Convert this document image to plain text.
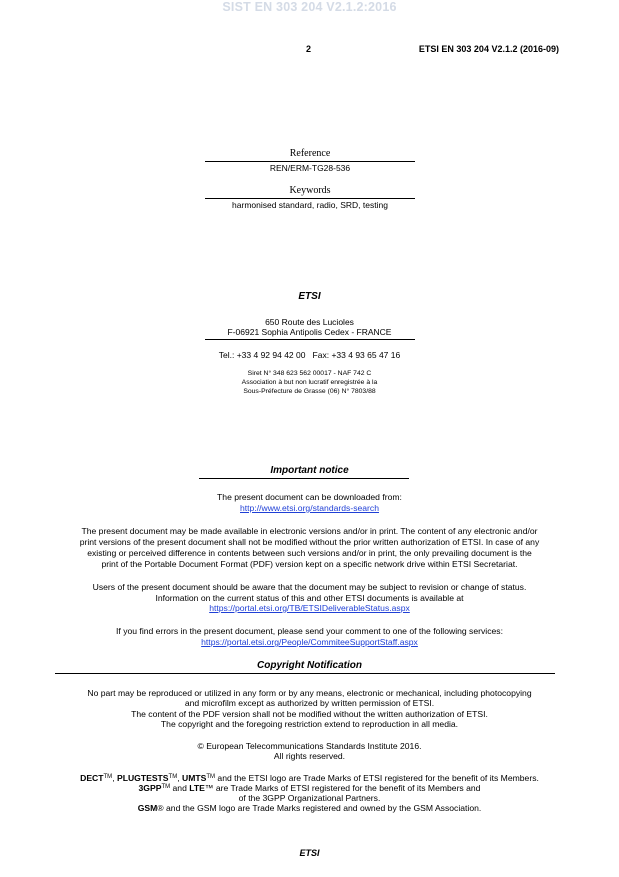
SIST EN 303 204 V2.1.2:2016
2	ETSI EN 303 204 V2.1.2 (2016-09)
Reference
REN/ERM-TG28-536
Keywords
harmonised standard, radio, SRD, testing
ETSI
650 Route des Lucioles
F-06921 Sophia Antipolis Cedex - FRANCE
Tel.: +33 4 92 94 42 00   Fax: +33 4 93 65 47 16
Siret N° 348 623 562 00017 - NAF 742 C
Association à but non lucratif enregistrée à la
Sous-Préfecture de Grasse (06) N° 7803/88
Important notice
The present document can be downloaded from:
http://www.etsi.org/standards-search
The present document may be made available in electronic versions and/or in print. The content of any electronic and/or
print versions of the present document shall not be modified without the prior written authorization of ETSI. In case of any
existing or perceived difference in contents between such versions and/or in print, the only prevailing document is the
print of the Portable Document Format (PDF) version kept on a specific network drive within ETSI Secretariat.
Users of the present document should be aware that the document may be subject to revision or change of status.
Information on the current status of this and other ETSI documents is available at
https://portal.etsi.org/TB/ETSIDeliverableStatus.aspx
If you find errors in the present document, please send your comment to one of the following services:
https://portal.etsi.org/People/CommiteeSupportStaff.aspx
Copyright Notification
No part may be reproduced or utilized in any form or by any means, electronic or mechanical, including photocopying
and microfilm except as authorized by written permission of ETSI.
The content of the PDF version shall not be modified without the written authorization of ETSI.
The copyright and the foregoing restriction extend to reproduction in all media.
© European Telecommunications Standards Institute 2016.
All rights reserved.
DECT™, PLUGTESTS™, UMTS™ and the ETSI logo are Trade Marks of ETSI registered for the benefit of its Members.
3GPP™ and LTE™ are Trade Marks of ETSI registered for the benefit of its Members and
of the 3GPP Organizational Partners.
GSM® and the GSM logo are Trade Marks registered and owned by the GSM Association.
ETSI
